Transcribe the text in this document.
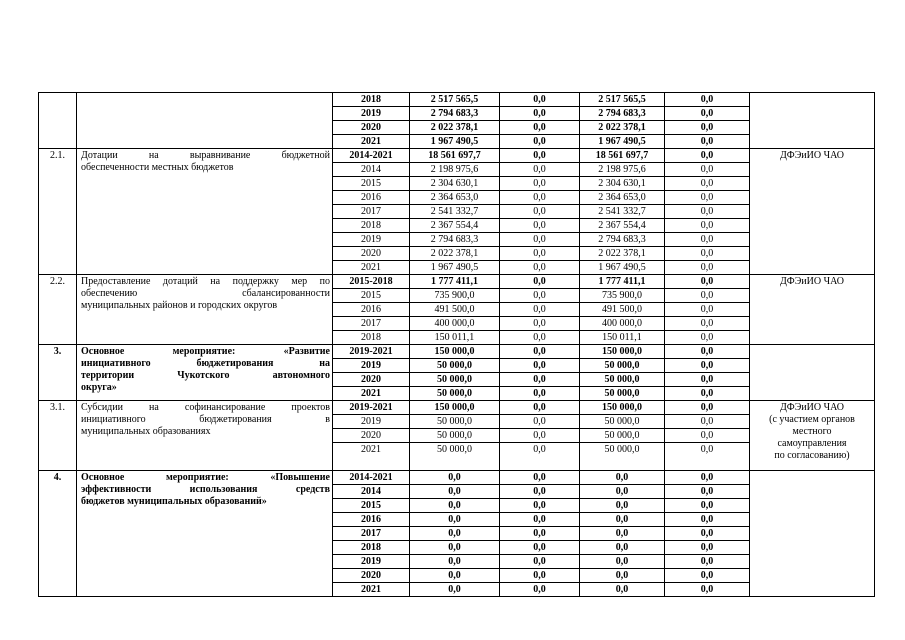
		2018	2 517 565,5	0,0	2 517 565,5	0,0	
		2019	2 794 683,3	0,0	2 794 683,3	0,0	
		2020	2 022 378,1	0,0	2 022 378,1	0,0	
		2021	1 967 490,5	0,0	1 967 490,5	0,0	
2.1.	Дотации на выравнивание бюджетной
обеспеченности местных бюджетов	2014-2021	18 561 697,7	0,0	18 561 697,7	0,0	ДФЭиИО ЧАО

		2014	2 198 975,6	0,0	2 198 975,6	0,0	
		2015	2 304 630,1	0,0	2 304 630,1	0,0	
		2016	2 364 653,0	0,0	2 364 653,0	0,0	
		2017	2 541 332,7	0,0	2 541 332,7	0,0	
		2018	2 367 554,4	0,0	2 367 554,4	0,0	
		2019	2 794 683,3	0,0	2 794 683,3	0,0	
		2020	2 022 378,1	0,0	2 022 378,1	0,0	
		2021	1 967 490,5	0,0	1 967 490,5	0,0	
2.2.	Предоставление дотаций на поддержку мер по
обеспечению сбалансированности
муниципальных районов и городских округов	2015-2018	1 777 411,1	0,0	1 777 411,1	0,0	ДФЭиИО ЧАО

		2015	735 900,0	0,0	735 900,0	0,0	
		2016	491 500,0	0,0	491 500,0	0,0	
		2017	400 000,0	0,0	400 000,0	0,0	
		2018	150 011,1	0,0	150 011,1	0,0	
3.	Основное мероприятие: «Развитие
инициативного бюджетирования на
территории Чукотского автономного
округа»	2019-2021	150 000,0	0,0	150 000,0	0,0	
		2019	50 000,0	0,0	50 000,0	0,0	
		2020	50 000,0	0,0	50 000,0	0,0	
		2021	50 000,0	0,0	50 000,0	0,0	
3.1.	Субсидии на софинансирование проектов
инициативного бюджетирования в
муниципальных образованиях	2019-2021	150 000,0	0,0	150 000,0	0,0	ДФЭиИО ЧАО
(с участием органов
местного
самоуправления
по согласованию)

		2019	50 000,0	0,0	50 000,0	0,0	
		2020	50 000,0	0,0	50 000,0	0,0	
		2021	50 000,0	0,0	50 000,0	0,0	
4.	Основное мероприятие: «Повышение
эффективности использования средств
бюджетов муниципальных образований»	2014-2021	0,0	0,0	0,0	0,0	
		2014	0,0	0,0	0,0	0,0	
		2015	0,0	0,0	0,0	0,0	
		2016	0,0	0,0	0,0	0,0	
		2017	0,0	0,0	0,0	0,0	
		2018	0,0	0,0	0,0	0,0	
		2019	0,0	0,0	0,0	0,0	
		2020	0,0	0,0	0,0	0,0	
		2021	0,0	0,0	0,0	0,0	
